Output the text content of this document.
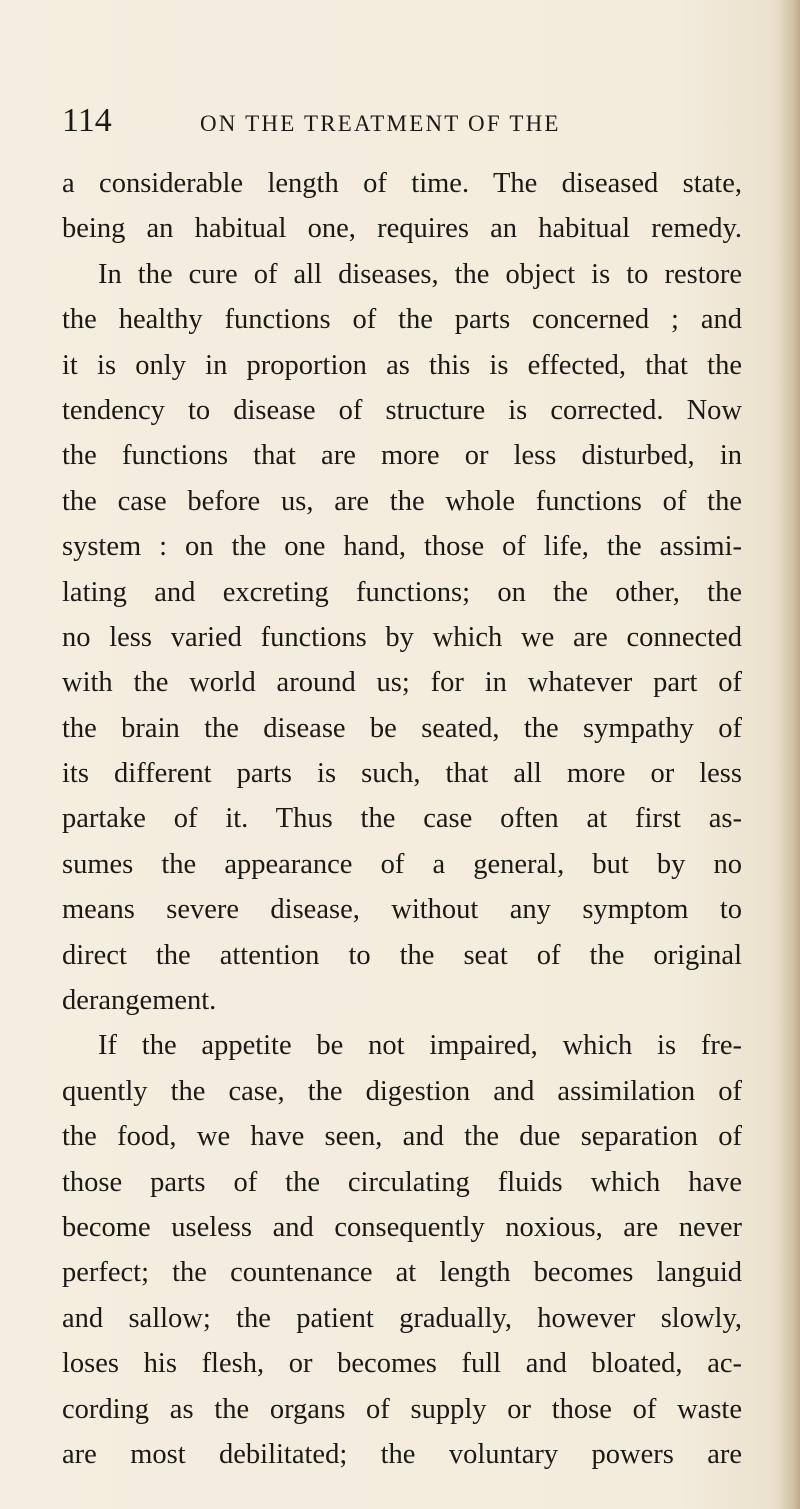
114	ON THE TREATMENT OF THE
a considerable length of time. The diseased state,
being an habitual one, requires an habitual remedy.
In the cure of all diseases, the object is to restore
the healthy functions of the parts concerned ; and
it is only in proportion as this is effected, that the
tendency to disease of structure is corrected. Now
the functions that are more or less disturbed, in
the case before us, are the whole functions of the
system : on the one hand, those of life, the assimi-
lating and excreting functions; on the other, the
no less varied functions by which we are connected
with the world around us; for in whatever part of
the brain the disease be seated, the sympathy of
its different parts is such, that all more or less
partake of it. Thus the case often at first as-
sumes the appearance of a general, but by no
means severe disease, without any symptom to
direct the attention to the seat of the original
derangement.
If the appetite be not impaired, which is fre-
quently the case, the digestion and assimilation of
the food, we have seen, and the due separation of
those parts of the circulating fluids which have
become useless and consequently noxious, are never
perfect; the countenance at length becomes languid
and sallow; the patient gradually, however slowly,
loses his flesh, or becomes full and bloated, ac-
cording as the organs of supply or those of waste
are most debilitated; the voluntary powers are
